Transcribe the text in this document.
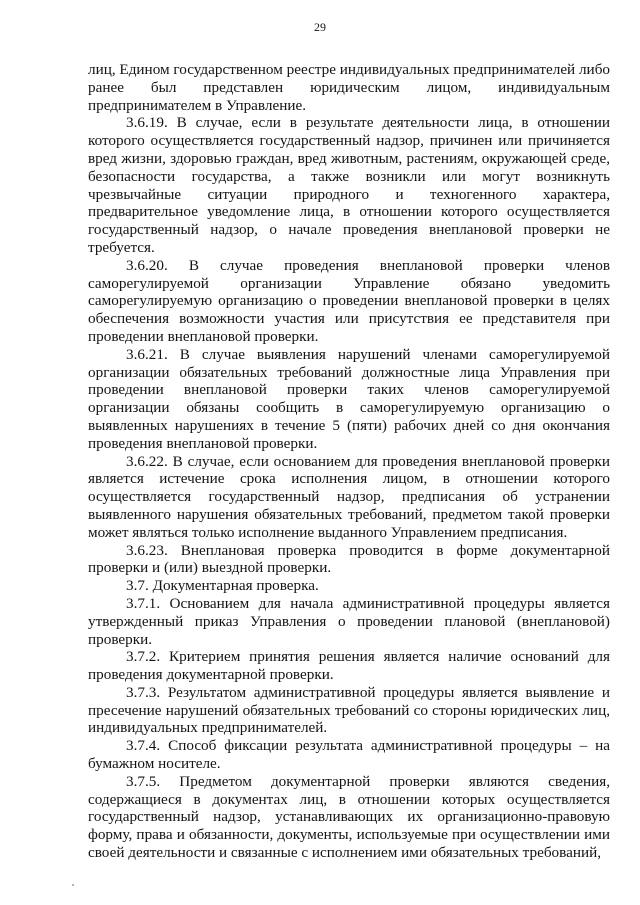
29

лиц, Едином государственном реестре индивидуальных предпринимателей либо ранее был представлен юридическим лицом, индивидуальным предпринимателем в Управление.

3.6.19. В случае, если в результате деятельности лица, в отношении которого осуществляется государственный надзор, причинен или причиняется вред жизни, здоровью граждан, вред животным, растениям, окружающей среде, безопасности государства, а также возникли или могут возникнуть чрезвычайные ситуации природного и техногенного характера, предварительное уведомление лица, в отношении которого осуществляется государственный надзор, о начале проведения внеплановой проверки не требуется.

3.6.20. В случае проведения внеплановой проверки членов саморегулируемой организации Управление обязано уведомить саморегулируемую организацию о проведении внеплановой проверки в целях обеспечения возможности участия или присутствия ее представителя при проведении внеплановой проверки.

3.6.21. В случае выявления нарушений членами саморегулируемой организации обязательных требований должностные лица Управления при проведении внеплановой проверки таких членов саморегулируемой организации обязаны сообщить в саморегулируемую организацию о выявленных нарушениях в течение 5 (пяти) рабочих дней со дня окончания проведения внеплановой проверки.

3.6.22. В случае, если основанием для проведения внеплановой проверки является истечение срока исполнения лицом, в отношении которого осуществляется государственный надзор, предписания об устранении выявленного нарушения обязательных требований, предметом такой проверки может являться только исполнение выданного Управлением предписания.

3.6.23. Внеплановая проверка проводится в форме документарной проверки и (или) выездной проверки.

3.7. Документарная проверка.

3.7.1. Основанием для начала административной процедуры является утвержденный приказ Управления о проведении плановой (внеплановой) проверки.

3.7.2. Критерием принятия решения является наличие оснований для проведения документарной проверки.

3.7.3. Результатом административной процедуры является выявление и пресечение нарушений обязательных требований со стороны юридических лиц, индивидуальных предпринимателей.

3.7.4. Способ фиксации результата административной процедуры – на бумажном носителе.

3.7.5. Предметом документарной проверки являются сведения, содержащиеся в документах лиц, в отношении которых осуществляется государственный надзор, устанавливающих их организационно-правовую форму, права и обязанности, документы, используемые при осуществлении ими своей деятельности и связанные с исполнением ими обязательных требований,
